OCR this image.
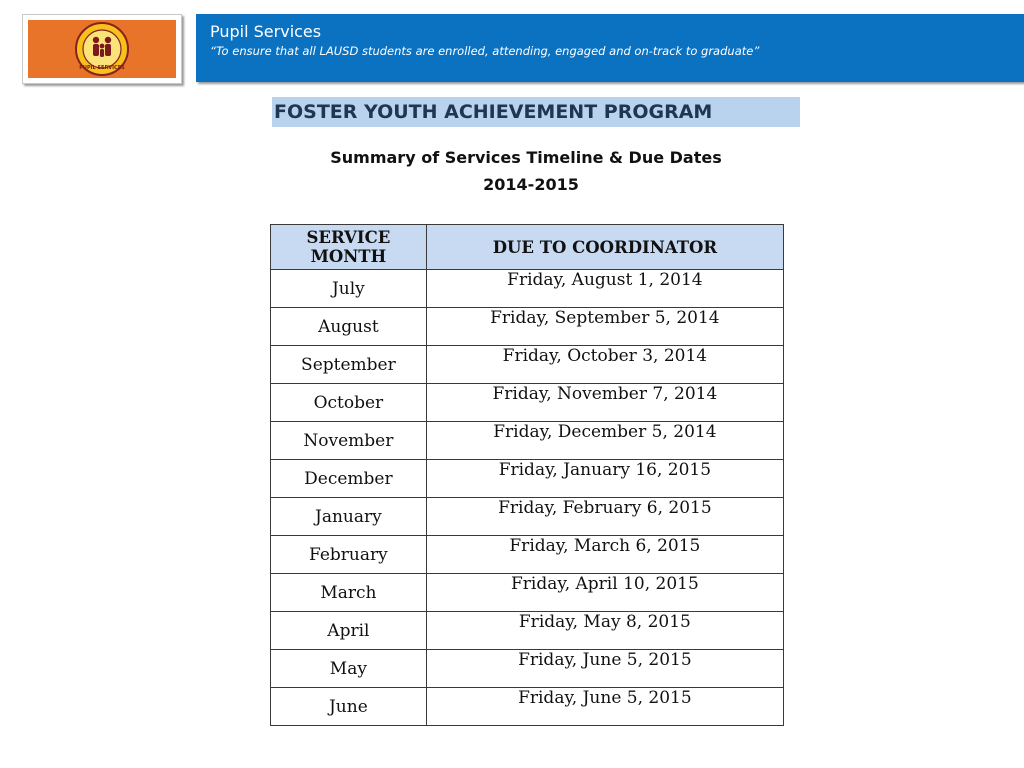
PUPIL SERVICES
Pupil Services
“To ensure that all LAUSD students are enrolled, attending, engaged and on-track to graduate”
FOSTER YOUTH ACHIEVEMENT PROGRAM
Summary of Services Timeline & Due Dates
2014-2015
SERVICE MONTH	DUE TO COORDINATOR
July	Friday, August 1, 2014
August	Friday, September 5, 2014
September	Friday, October 3, 2014
October	Friday, November 7, 2014
November	Friday, December 5, 2014
December	Friday, January 16, 2015
January	Friday, February 6, 2015
February	Friday, March 6, 2015
March	Friday, April 10, 2015
April	Friday, May 8, 2015
May	Friday, June 5, 2015
June	Friday, June 5, 2015
